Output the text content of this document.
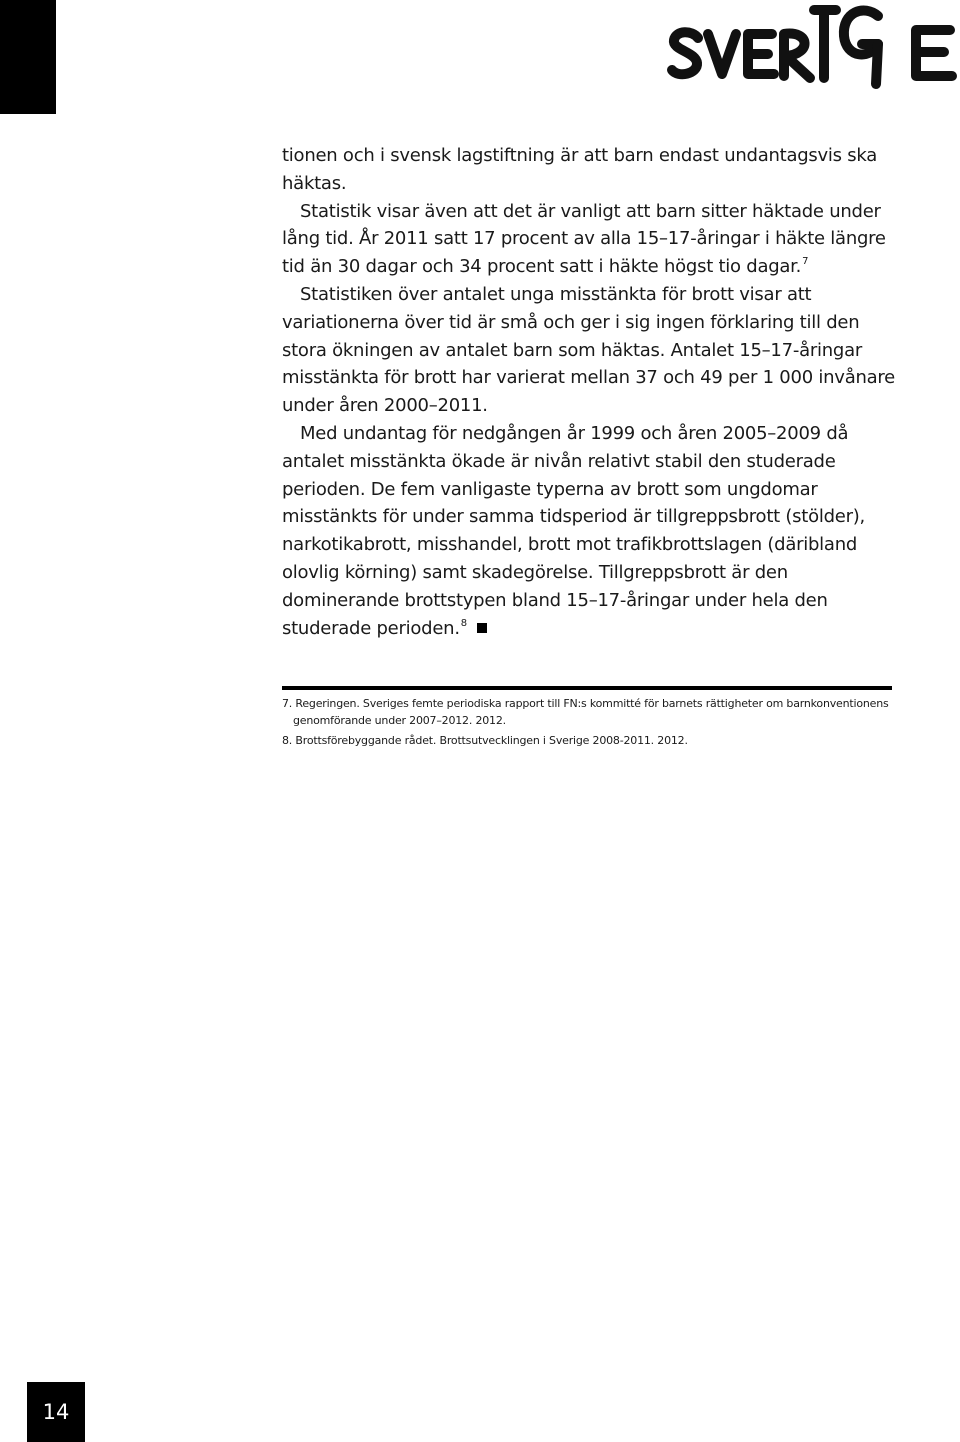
tionen och i svensk lagstiftning är att barn endast undantagsvis ska häktas.

Statistik visar även att det är vanligt att barn sitter häktade under lång tid. År 2011 satt 17 procent av alla 15–17-åringar i häkte längre tid än 30 dagar och 34 procent satt i häkte högst tio dagar.$^7$

Statistiken över antalet unga misstänkta för brott visar att variationerna över tid är små och ger i sig ingen förklaring till den stora ökningen av antalet barn som häktas. Antalet 15–17-åringar misstänkta för brott har varierat mellan 37 och 49 per 1 000 invånare under åren 2000–2011.

Med undantag för nedgången år 1999 och åren 2005–2009 då antalet misstänkta ökade är nivån relativt stabil den studerade perioden. De fem vanligaste typerna av brott som ungdomar misstänkts för under samma tidsperiod är tillgreppsbrott (stölder), narkotikabrott, misshandel, brott mot trafikbrottslagen (däribland olovlig körning) samt skadegörelse. Tillgreppsbrott är den dominerande brottstypen bland 15–17-åringar under hela den studerade perioden.$^8$

7. Regeringen. Sveriges femte periodiska rapport till FN:s kommitté för barnets rättigheter om barnkonventionens genomförande under 2007–2012. 2012.

8. Brottsförebyggande rådet. Brottsutvecklingen i Sverige 2008-2011. 2012.

14
